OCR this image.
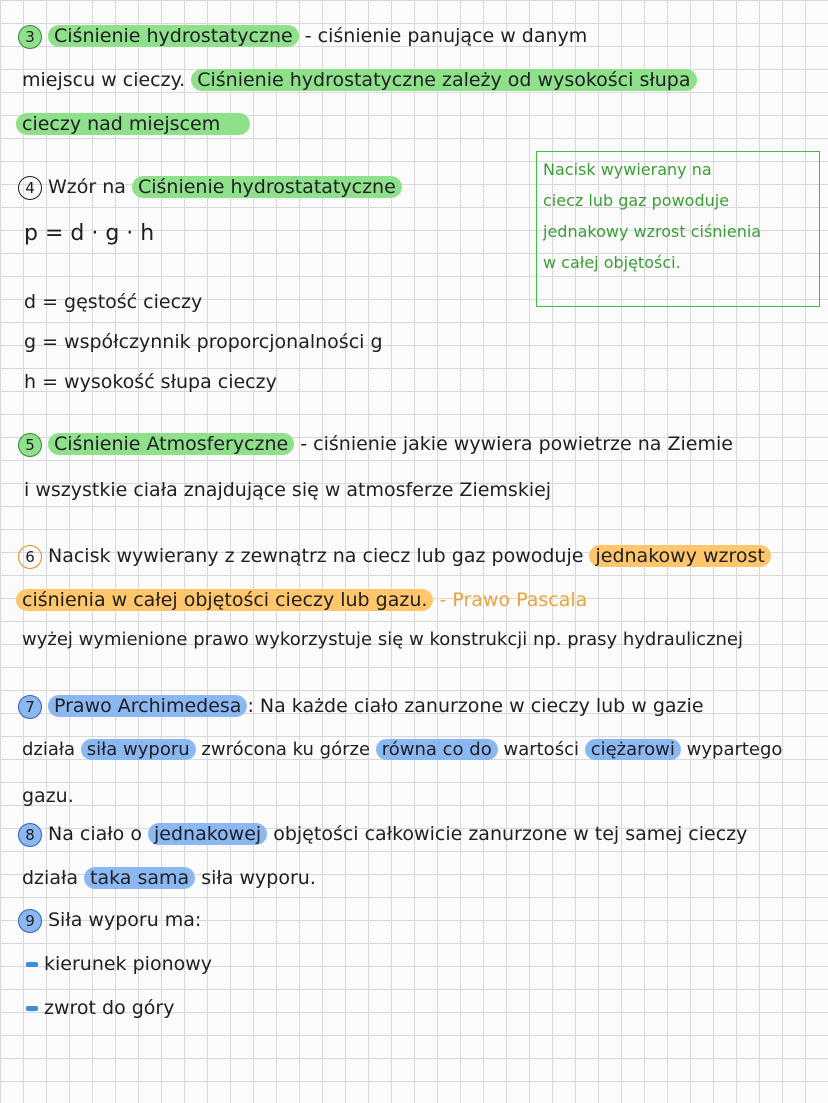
3 Ciśnienie hydrostatyczne - ciśnienie panujące w danym
miejscu w cieczy. Ciśnienie hydrostatyczne zależy od wysokości słupa
cieczy nad miejscem
4 Wzór na Ciśnienie hydrostatatyczne
p = d · g · h
d = gęstość cieczy
g = współczynnik proporcjonalności g
h = wysokość słupa cieczy
Nacisk wywierany na
ciecz lub gaz powoduje
jednakowy wzrost ciśnienia
w całej objętości.
5 Ciśnienie Atmosferyczne - ciśnienie jakie wywiera powietrze na Ziemie
i wszystkie ciała znajdujące się w atmosferze Ziemskiej
6 Nacisk wywierany z zewnątrz na ciecz lub gaz powoduje jednakowy wzrost
ciśnienia w całej objętości cieczy lub gazu. - Prawo Pascala
wyżej wymienione prawo wykorzystuje się w konstrukcji np. prasy hydraulicznej
7 Prawo Archimedesa : Na każde ciało zanurzone w cieczy lub w gazie
działa siła wyporu zwrócona ku górze równa co do wartości ciężarowi wypartego
gazu.
8 Na ciało o jednakowej objętości całkowicie zanurzone w tej samej cieczy
działa taka sama siła wyporu.
9 Siła wyporu ma:
kierunek pionowy
zwrot do góry
